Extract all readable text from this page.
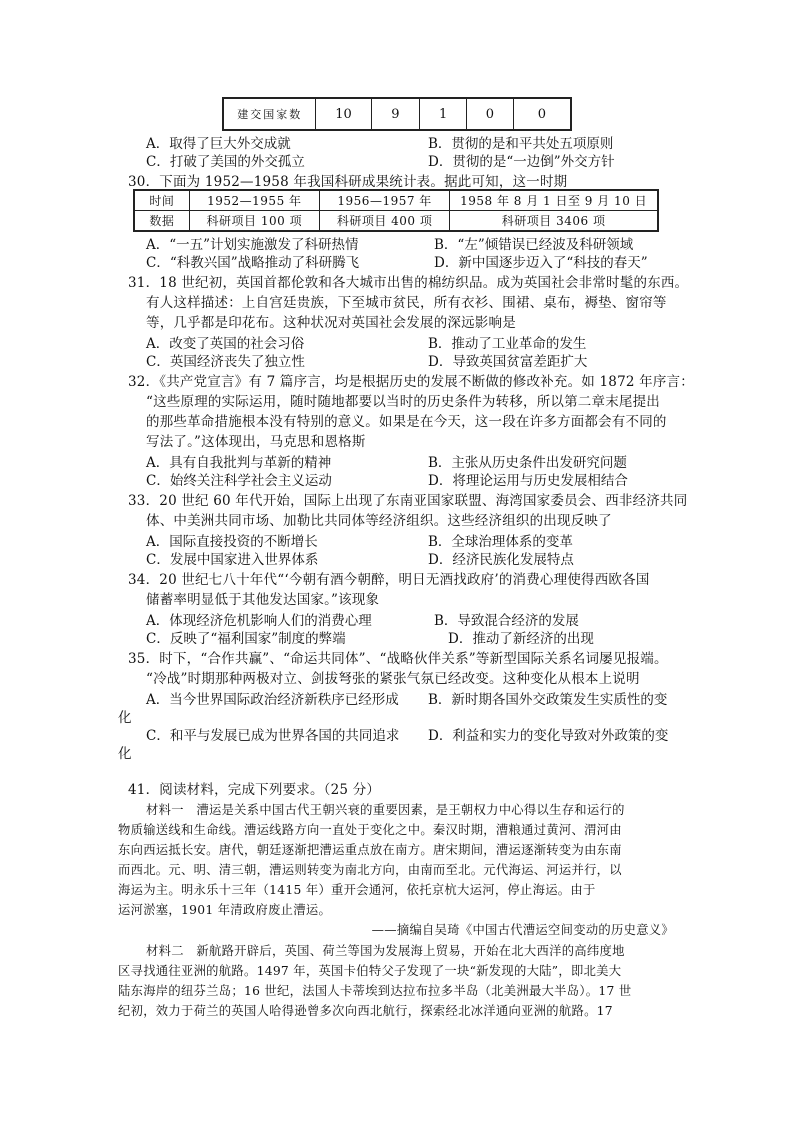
建交国家数	10	9	1	0	0
A．取得了巨大外交成就	B．贯彻的是和平共处五项原则
C．打破了美国的外交孤立	D．贯彻的是“一边倒”外交方针
30．下面为 1952—1958 年我国科研成果统计表。据此可知，这一时期
时间	1952—1955 年	1956—1957 年	1958 年 8 月 1 日至 9 月 10 日
数据	科研项目 100 项	科研项目 400 项	科研项目 3406 项
A．“一五”计划实施激发了科研热情	B．“左”倾错误已经波及科研领域
C．“科教兴国”战略推动了科研腾飞	D．新中国逐步迈入了“科技的春天”
31．18 世纪初，英国首都伦敦和各大城市出售的棉纺织品。成为英国社会非常时髦的东西。
有人这样描述：上自宫廷贵族，下至城市贫民，所有衣衫、围裙、桌布，褥垫、窗帘等
等，几乎都是印花布。这种状况对英国社会发展的深远影响是
A．改变了英国的社会习俗	B．推动了工业革命的发生
C．英国经济丧失了独立性	D．导致英国贫富差距扩大
32．《共产党宣言》有 7 篇序言，均是根据历史的发展不断做的修改补充。如 1872 年序言：
“这些原理的实际运用，随时随地都要以当时的历史条件为转移，所以第二章末尾提出
的那些革命措施根本没有特别的意义。如果是在今天，这一段在许多方面都会有不同的
写法了。”这体现出，马克思和恩格斯
A．具有自我批判与革新的精神	B．主张从历史条件出发研究问题
C．始终关注科学社会主义运动	D．将理论运用与历史发展相结合
33．20 世纪 60 年代开始，国际上出现了东南亚国家联盟、海湾国家委员会、西非经济共同
体、中美洲共同市场、加勒比共同体等经济组织。这些经济组织的出现反映了
A．国际直接投资的不断增长	B．全球治理体系的变革
C．发展中国家进入世界体系	D．经济民族化发展特点
34．20 世纪七八十年代“‘今朝有酒今朝醉，明日无酒找政府’的消费心理使得西欧各国
储蓄率明显低于其他发达国家。”该现象
A．体现经济危机影响人们的消费心理	B．导致混合经济的发展
C．反映了“福利国家”制度的弊端	D．推动了新经济的出现
35．时下，“合作共赢”、“命运共同体”、“战略伙伴关系”等新型国际关系名词屡见报端。
“冷战”时期那种两极对立、剑拔弩张的紧张气氛已经改变。这种变化从根本上说明
A．当今世界国际政治经济新秩序已经形成 B．新时期各国外交政策发生实质性的变
化
C．和平与发展已成为世界各国的共同追求 D．利益和实力的变化导致对外政策的变
化
41．阅读材料，完成下列要求。（25 分）
材料一　漕运是关系中国古代王朝兴衰的重要因素，是王朝权力中心得以生存和运行的
物质输送线和生命线。漕运线路方向一直处于变化之中。秦汉时期，漕粮通过黄河、渭河由
东向西运抵长安。唐代，朝廷逐渐把漕运重点放在南方。唐宋期间，漕运逐渐转变为由东南
而西北。元、明、清三朝，漕运则转变为南北方向，由南而至北。元代海运、河运并行，以
海运为主。明永乐十三年（1415 年）重开会通河，依托京杭大运河，停止海运。由于
运河淤塞，1901 年清政府废止漕运。
——摘编自吴琦《中国古代漕运空间变动的历史意义》
材料二　新航路开辟后，英国、荷兰等国为发展海上贸易，开始在北大西洋的高纬度地
区寻找通往亚洲的航路。1497 年，英国卡伯特父子发现了一块“新发现的大陆”，即北美大
陆东海岸的纽芬兰岛；16 世纪，法国人卡蒂埃到达拉布拉多半岛（北美洲最大半岛）。17 世
纪初，效力于荷兰的英国人哈得逊曾多次向西北航行，探索经北冰洋通向亚洲的航路。17
